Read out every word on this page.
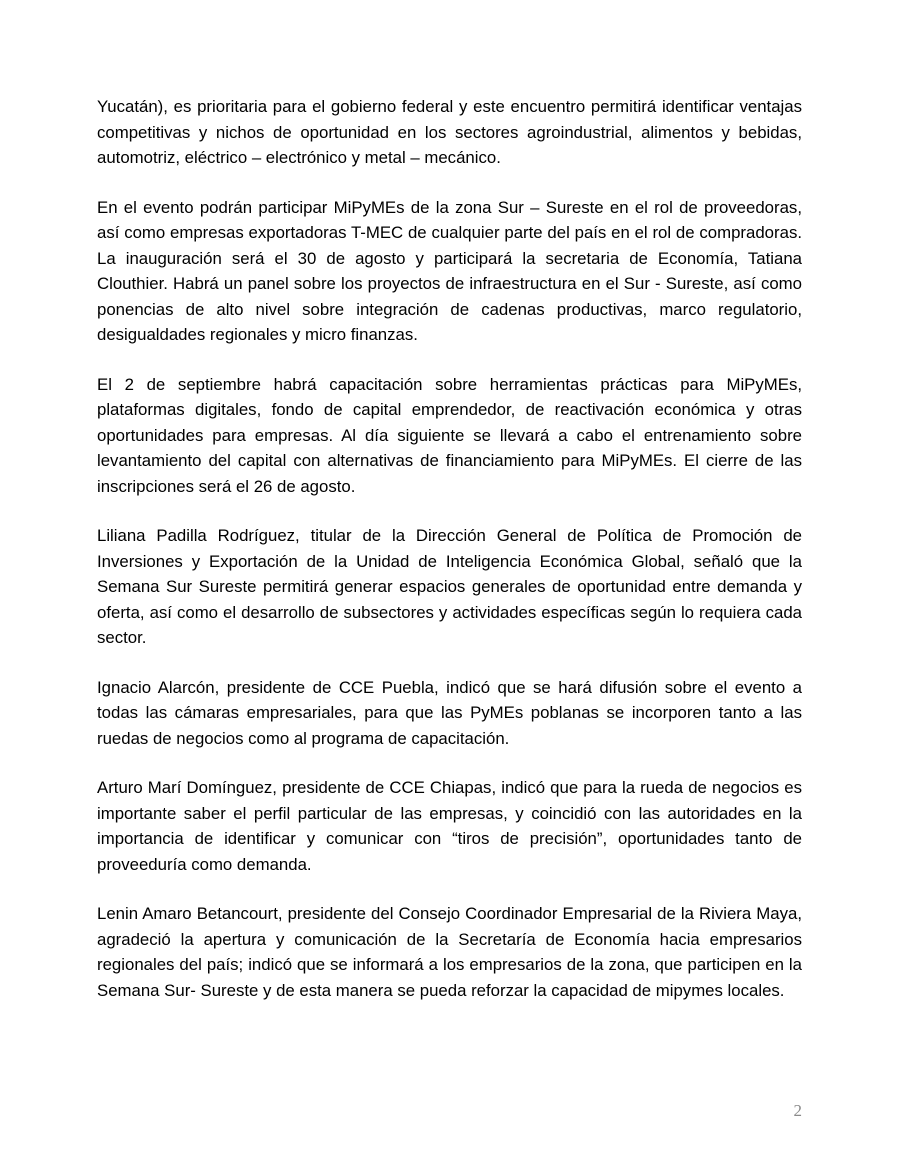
Yucatán), es prioritaria para el gobierno federal y este encuentro permitirá identificar ventajas competitivas y nichos de oportunidad en los sectores agroindustrial, alimentos y bebidas, automotriz, eléctrico – electrónico y metal – mecánico.

En el evento podrán participar MiPyMEs de la zona Sur – Sureste en el rol de proveedoras, así como empresas exportadoras T-MEC de cualquier parte del país en el rol de compradoras. La inauguración será el 30 de agosto y participará la secretaria de Economía, Tatiana Clouthier. Habrá un panel sobre los proyectos de infraestructura en el Sur - Sureste, así como ponencias de alto nivel sobre integración de cadenas productivas, marco regulatorio, desigualdades regionales y micro finanzas.

El 2 de septiembre habrá capacitación sobre herramientas prácticas para MiPyMEs, plataformas digitales, fondo de capital emprendedor, de reactivación económica y otras oportunidades para empresas. Al día siguiente se llevará a cabo el entrenamiento sobre levantamiento del capital con alternativas de financiamiento para MiPyMEs. El cierre de las inscripciones será el 26 de agosto.

Liliana Padilla Rodríguez, titular de la Dirección General de Política de Promoción de Inversiones y Exportación de la Unidad de Inteligencia Económica Global, señaló que la Semana Sur Sureste permitirá generar espacios generales de oportunidad entre demanda y oferta, así como el desarrollo de subsectores y actividades específicas según lo requiera cada sector.

Ignacio Alarcón, presidente de CCE Puebla, indicó que se hará difusión sobre el evento a todas las cámaras empresariales, para que las PyMEs poblanas se incorporen tanto a las ruedas de negocios como al programa de capacitación.

Arturo Marí Domínguez, presidente de CCE Chiapas, indicó que para la rueda de negocios es importante saber el perfil particular de las empresas, y coincidió con las autoridades en la importancia de identificar y comunicar con “tiros de precisión”, oportunidades tanto de proveeduría como demanda.

Lenin Amaro Betancourt, presidente del Consejo Coordinador Empresarial de la Riviera Maya, agradeció la apertura y comunicación de la Secretaría de Economía hacia empresarios regionales del país; indicó que se informará a los empresarios de la zona, que participen en la Semana Sur- Sureste y de esta manera se pueda reforzar la capacidad de mipymes locales.

2
